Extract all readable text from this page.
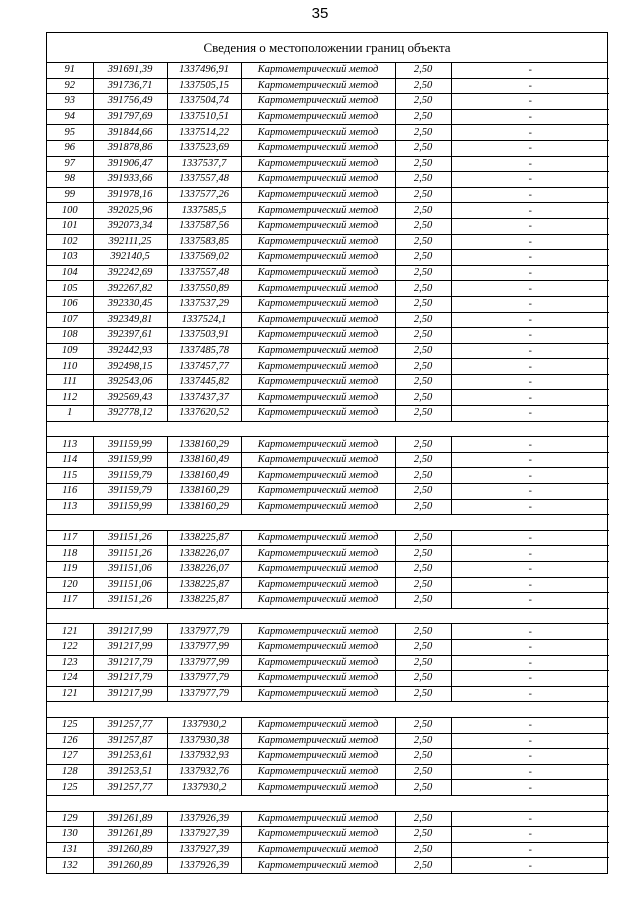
35
Сведения о местоположении границ объекта
91	391691,39	1337496,91	Картометрический метод	2,50	-
92	391736,71	1337505,15	Картометрический метод	2,50	-
93	391756,49	1337504,74	Картометрический метод	2,50	-
94	391797,69	1337510,51	Картометрический метод	2,50	-
95	391844,66	1337514,22	Картометрический метод	2,50	-
96	391878,86	1337523,69	Картометрический метод	2,50	-
97	391906,47	1337537,7	Картометрический метод	2,50	-
98	391933,66	1337557,48	Картометрический метод	2,50	-
99	391978,16	1337577,26	Картометрический метод	2,50	-
100	392025,96	1337585,5	Картометрический метод	2,50	-
101	392073,34	1337587,56	Картометрический метод	2,50	-
102	392111,25	1337583,85	Картометрический метод	2,50	-
103	392140,5	1337569,02	Картометрический метод	2,50	-
104	392242,69	1337557,48	Картометрический метод	2,50	-
105	392267,82	1337550,89	Картометрический метод	2,50	-
106	392330,45	1337537,29	Картометрический метод	2,50	-
107	392349,81	1337524,1	Картометрический метод	2,50	-
108	392397,61	1337503,91	Картометрический метод	2,50	-
109	392442,93	1337485,78	Картометрический метод	2,50	-
110	392498,15	1337457,77	Картометрический метод	2,50	-
111	392543,06	1337445,82	Картометрический метод	2,50	-
112	392569,43	1337437,37	Картометрический метод	2,50	-
1	392778,12	1337620,52	Картометрический метод	2,50	-

113	391159,99	1338160,29	Картометрический метод	2,50	-
114	391159,99	1338160,49	Картометрический метод	2,50	-
115	391159,79	1338160,49	Картометрический метод	2,50	-
116	391159,79	1338160,29	Картометрический метод	2,50	-
113	391159,99	1338160,29	Картометрический метод	2,50	-

117	391151,26	1338225,87	Картометрический метод	2,50	-
118	391151,26	1338226,07	Картометрический метод	2,50	-
119	391151,06	1338226,07	Картометрический метод	2,50	-
120	391151,06	1338225,87	Картометрический метод	2,50	-
117	391151,26	1338225,87	Картометрический метод	2,50	-

121	391217,99	1337977,79	Картометрический метод	2,50	-
122	391217,99	1337977,99	Картометрический метод	2,50	-
123	391217,79	1337977,99	Картометрический метод	2,50	-
124	391217,79	1337977,79	Картометрический метод	2,50	-
121	391217,99	1337977,79	Картометрический метод	2,50	-

125	391257,77	1337930,2	Картометрический метод	2,50	-
126	391257,87	1337930,38	Картометрический метод	2,50	-
127	391253,61	1337932,93	Картометрический метод	2,50	-
128	391253,51	1337932,76	Картометрический метод	2,50	-
125	391257,77	1337930,2	Картометрический метод	2,50	-

129	391261,89	1337926,39	Картометрический метод	2,50	-
130	391261,89	1337927,39	Картометрический метод	2,50	-
131	391260,89	1337927,39	Картометрический метод	2,50	-
132	391260,89	1337926,39	Картометрический метод	2,50	-
